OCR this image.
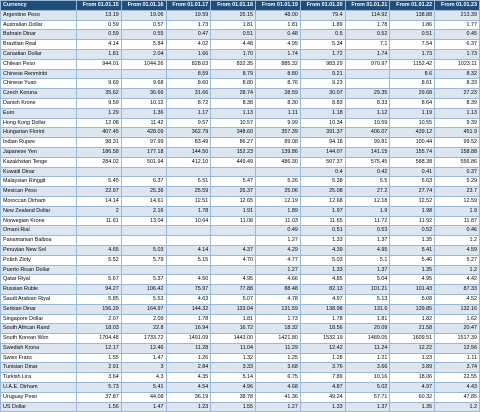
Currency	From 01.01.15	From 01.01.16	From 01.01.17	From 01.01.18	From 01.01.19	From 01.01.20	From 01.01.21	From 01.01.22	From 01.01.23
Argentine Peso	13.19	19.06	19.59	25.15	48.00	79.4	114.92	138.88	213.39
Australian Dollar	0.59	0.57	1.73	1.81	1.81	1.89	1.78	1.86	1.77
Bahrain Dinar	0.59	0.55	0.47	0.51	0.48	0.5	0.52	0.51	0.45
Brazilian Real	4.14	5.84	4.02	4.48	4.95	5.34	7.1	7.54	6.37
Canadian Dollar	1.81	2.04	1.66	1.70	1.74	1.72	1.74	1.73	1.73
Chilean Peso	944.01	1044.26	828.03	832.35	885.32	983.29	970.97	1152.42	1023.11
Chinese Renminbi			8.59	8.79	8.80	9.21		8.6	8.32
Chinese Yuan	9.69	9.68	8.60	8.80	8.76	9.23		8.61	8.33
Czech Koruna	35.62	36.66	31.66	28.74	28.59	30.07	29.35	29.68	27.23
Danish Krone	9.59	10.12	8.72	8.38	8.30	8.83	8.33	8.64	8.39
Euro	1.29	1.36	1.17	1.13	1.11	1.18	1.12	1.19	1.13
Hong Kong Dollar	12.08	11.42	9.57	10.57	9.99	10.34	10.59	10.55	9.39
Hungarian Florint	407.45	428.09	362.79	348.60	357.39	391.37	406.07	439.12	451.9
Indian Rupee	98.31	97.99	83.49	86.27	89.08	94.18	99.81	100.44	99.52
Japanese Yen	186.58	177.18	144.50	152.23	139.86	144.07	141.15	155.74	158.88
Kazakhstan Tenge	284.02	501.94	412.10	449.49	486.30	507.37	575.45	588.38	556.86
Kuwaiti Dinar						0.4	0.42	0.41	0.37
Malaysian Ringgit	5.45	6.37	5.51	5.47	5.26	5.38	5.5	5.63	5.29
Mexican Peso	22.97	25.36	25.59	26.37	25.06	25.08	27.2	27.74	23.7
Moroccan Dirham	14.14	14.61	12.51	12.65	12.19	12.68	12.18	12.52	12.59
New Zealand Dollar	2	2.16	1.78	1.91	1.89	1.97	1.9	1.98	1.9
Norwegian Krone	11.61	13.04	10.64	11.08	11.03	11.65	11.72	11.92	11.87
Omani Rial					0.49	0.51	0.53	0.52	0.46
Panamanian Balboa					1.27	1.33	1.37	1.35	1.2
Peruvian New Sol	4.65	5.03	4.14	4.37	4.29	4.39	4.95	5.41	4.59
Polish Zloty	5.52	5.79	5.15	4.70	4.77	5.03	5.1	5.46	5.27
Puerto Rican Dollar					1.27	1.33	1.37	1.35	1.2
Qatar Riyal	5.67	5.37	4.50	4.95	4.66	4.85	5.04	4.95	4.42
Russian Ruble	94.27	106.42	75.97	77.88	88.48	82.13	101.21	101.43	87.33
Saudi Arabian Riyal	5.85	5.53	4.63	5.07	4.78	4.97	5.13	5.08	4.52
Serbian Dinar	156.29	164.97	144.32	133.04	131.59	138.98	131.6	139.85	132.16
Singapore Dollar	2.07	2.09	1.78	1.81	1.73	1.78	1.81	1.82	1.62
South African Rand	18.03	22.8	16.94	16.72	18.32	18.56	20.09	21.58	20.47
South Korean Won	1704.48	1733.72	1491.09	1443.00	1421.80	1532.19	1489.05	1609.51	1517.39
Swedish Krona	12.17	12.46	11.28	11.04	11.29	12.42	11.24	12.22	12.56
Swiss Franc	1.55	1.47	1.26	1.32	1.25	1.28	1.21	1.23	1.11
Tunisian Dinar	2.91	3	2.84	3.33	3.68	3.76	3.66	3.89	3.74
Turkish Lira	3.64	4.3	4.35	5.14	6.75	7.89	10.16	18.06	22.55
U.A.E. Dirham	5.73	5.41	4.54	4.96	4.68	4.87	5.02	4.97	4.43
Uruguay Peso	37.87	44.08	36.19	38.78	41.36	49.24	57.71	60.32	47.85
US Dollar	1.56	1.47	1.23	1.55	1.27	1.33	1.37	1.35	1.2
